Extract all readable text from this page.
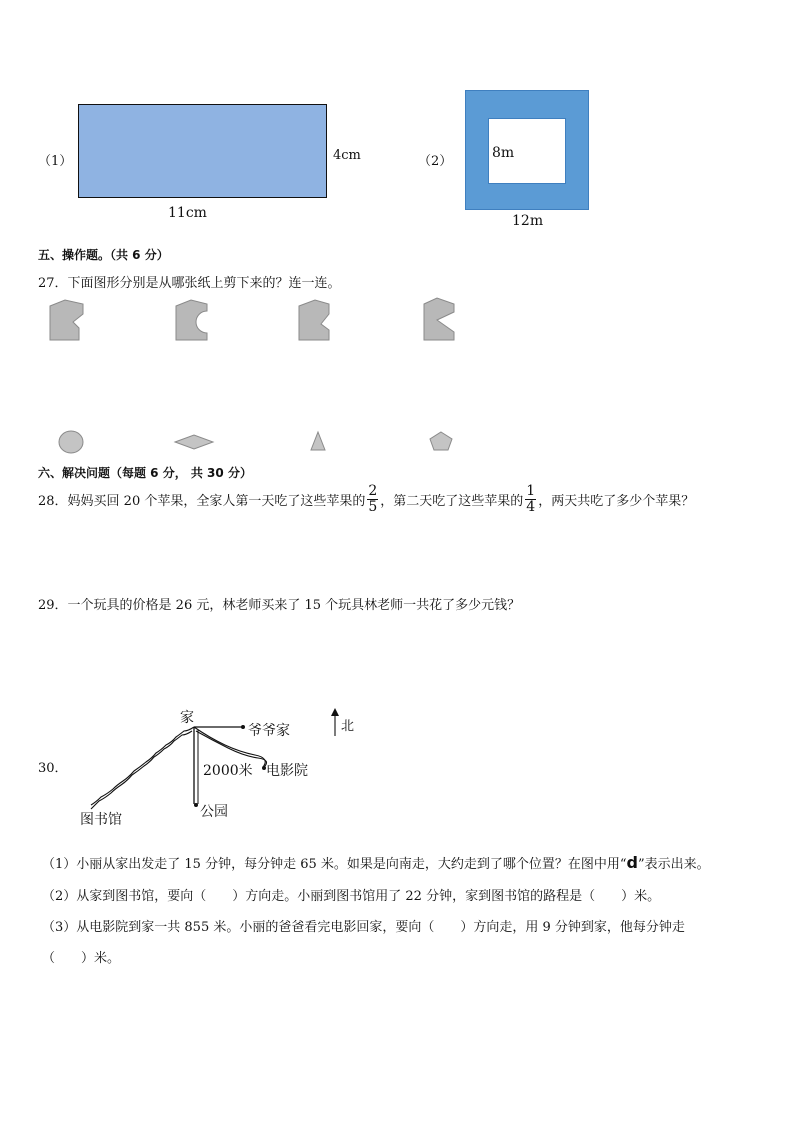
（1）	4cm
11cm
（2）
8m
12m
五、操作题。（共 6 分）
27．下面图形分别是从哪张纸上剪下来的？连一连。
六、解决问题（每题 6 分， 共 30 分）
28．妈妈买回 20 个苹果，全家人第一天吃了这些苹果的 $\frac{2}{5}$ ，第二天吃了这些苹果的 $\frac{1}{4}$ ，两天共吃了多少个苹果？
29．一个玩具的价格是 26 元，林老师买来了 15 个玩具林老师一共花了多少元钱？
30．
家
爷爷家	北
2000米 电影院
公园
图书馆
（1）小丽从家出发走了 15 分钟，每分钟走 65 米。如果是向南走，大约走到了哪个位置？在图中用“d”表示出来。
（2）从家到图书馆，要向（　　）方向走。小丽到图书馆用了 22 分钟，家到图书馆的路程是（　　）米。
（3）从电影院到家一共 855 米。小丽的爸爸看完电影回家，要向（　　）方向走，用 9 分钟到家，他每分钟走
（　　）米。
